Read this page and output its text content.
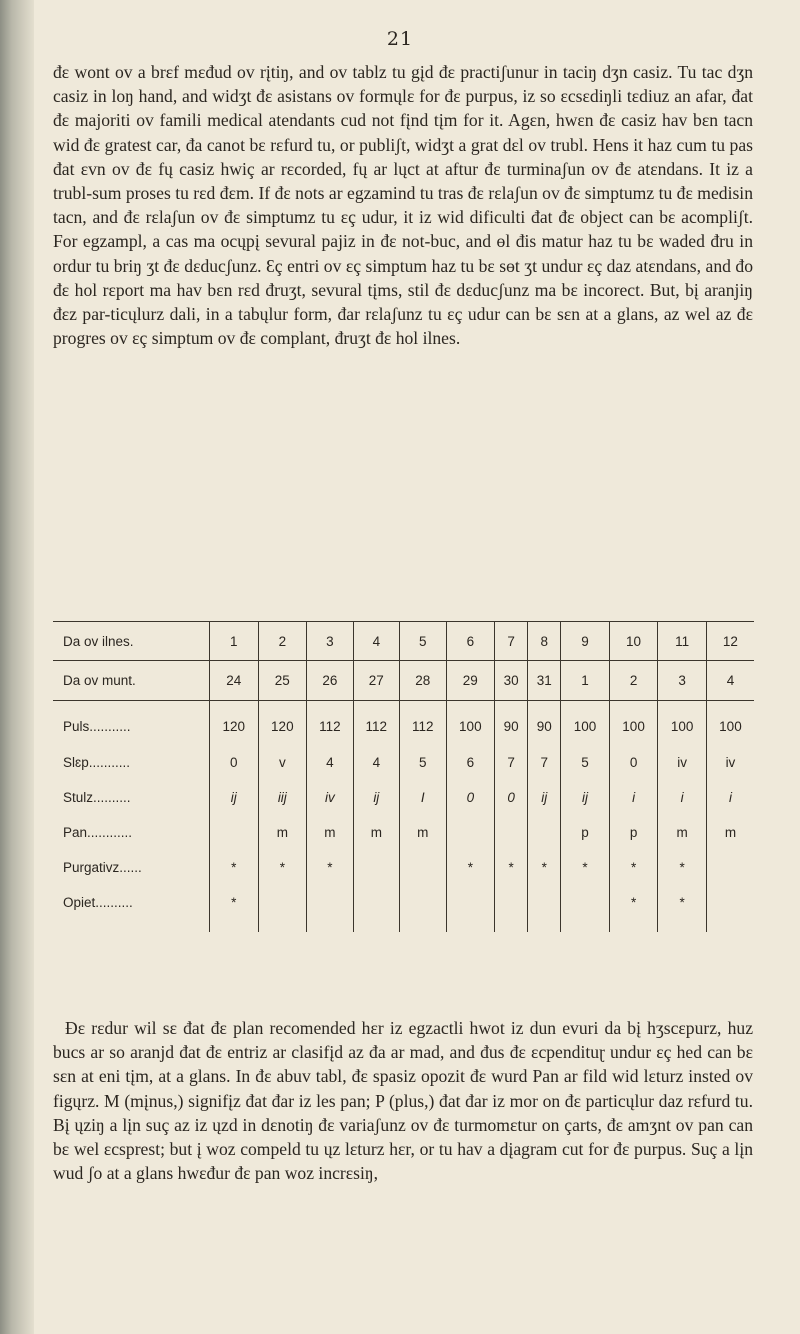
21

đɛ wont ov a brɛf mɛđud ov rįtiŋ, and ov tablz tu gįd đɛ practiʃunur in taciŋ dʒn casiz. Tu tac dʒn casiz in loŋ hand, and widʒt đɛ asistans ov formųlɛ for đɛ purpus, iz so ɛcsɛdiŋli tɛdiuz an afar, đat đɛ majoriti ov famili medical atendants cud not fįnd tįm for it. Agɛn, hwɛn đɛ casiz hav bɛn tacn wid đɛ gratest car, đa canot bɛ rɛfurd tu, or publiʃt, widʒt a grat dɛl ov trubl. Hens it haz cum tu pas đat ɛvn ov đɛ fų casiz hwiç ar rɛcorded, fų ar lųct at aftur đɛ turminaʃun ov đɛ atɛndans. It iz a trubl-sum proses tu rɛd đɛm. If đɛ nots ar egzamind tu tras đɛ rɛlaʃun ov đɛ simptumz tu đɛ medisin tacn, and đɛ rɛlaʃun ov đɛ simptumz tu ɛç udur, it iz wid dificulti đat đɛ object can bɛ acompliʃt. For egzampl, a cas ma ocųpį sevural pajiz in đɛ not-buc, and ɵl đis matur haz tu bɛ waded đru in ordur tu briŋ ʒt đɛ dɛducʃunz. Ɛç entri ov ɛç simptum haz tu bɛ sɵt ʒt undur ɛç daz atɛndans, and đo đɛ hol rɛport ma hav bɛn rɛd đruʒt, sevural tįms, stil đɛ dɛducʃunz ma bɛ incorect. But, bį aranjiŋ đɛz par-ticųlurz dali, in a tabųlur form, đar rɛlaʃunz tu ɛç udur can bɛ sɛn at a glans, az wel az đɛ progres ov ɛç simptum ov đɛ complant, đruʒt đɛ hol ilnes.

Da ov ilnes.	1	2	3	4	5	6	7	8	9	10	11	12
Da ov munt.	24	25	26	27	28	29	30	31	1	2	3	4
Puls...........	120	120	112	112	112	100	90	90	100	100	100	100
Slɛp...........	0	v	4	4	5	6	7	7	5	0	iv	iv
Stulz..........	ij	iij	iv	ij	I	0	0	ij	ij	i	i	i
Pan............		m	m	m	m				p	p	m	m
Purgativz......	*	*	*			*	*	*	*	*	*	
Opiet..........	*									*	*	

Đɛ rɛdur wil sɛ đat đɛ plan recomended hɛr iz egzactli hwot iz dun evuri da bį hʒscɛpurz, huz bucs ar so aranjd đat đɛ entriz ar clasifįd az đa ar mad, and đus đɛ ɛcpendituɽ undur ɛç hed can bɛ sɛn at eni tįm, at a glans. In đɛ abuv tabl, đɛ spasiz opozit đɛ wurd Pan ar fild wid lɛturz insted ov figųrz. M (mįnus,) signifįz đat đar iz les pan; P (plus,) đat đar iz mor on đɛ particųlur daz rɛfurd tu. Bį ųziŋ a lįn suç az iz ųzd in dɛnotiŋ đɛ variaʃunz ov đɛ turmomɛtur on çarts, đɛ amʒnt ov pan can bɛ wel ɛcsprest; but į woz compeld tu ųz lɛturz hɛr, or tu hav a dįagram cut for đɛ purpus. Suç a lįn wud ʃo at a glans hwɛđur đɛ pan woz incrɛsiŋ,
